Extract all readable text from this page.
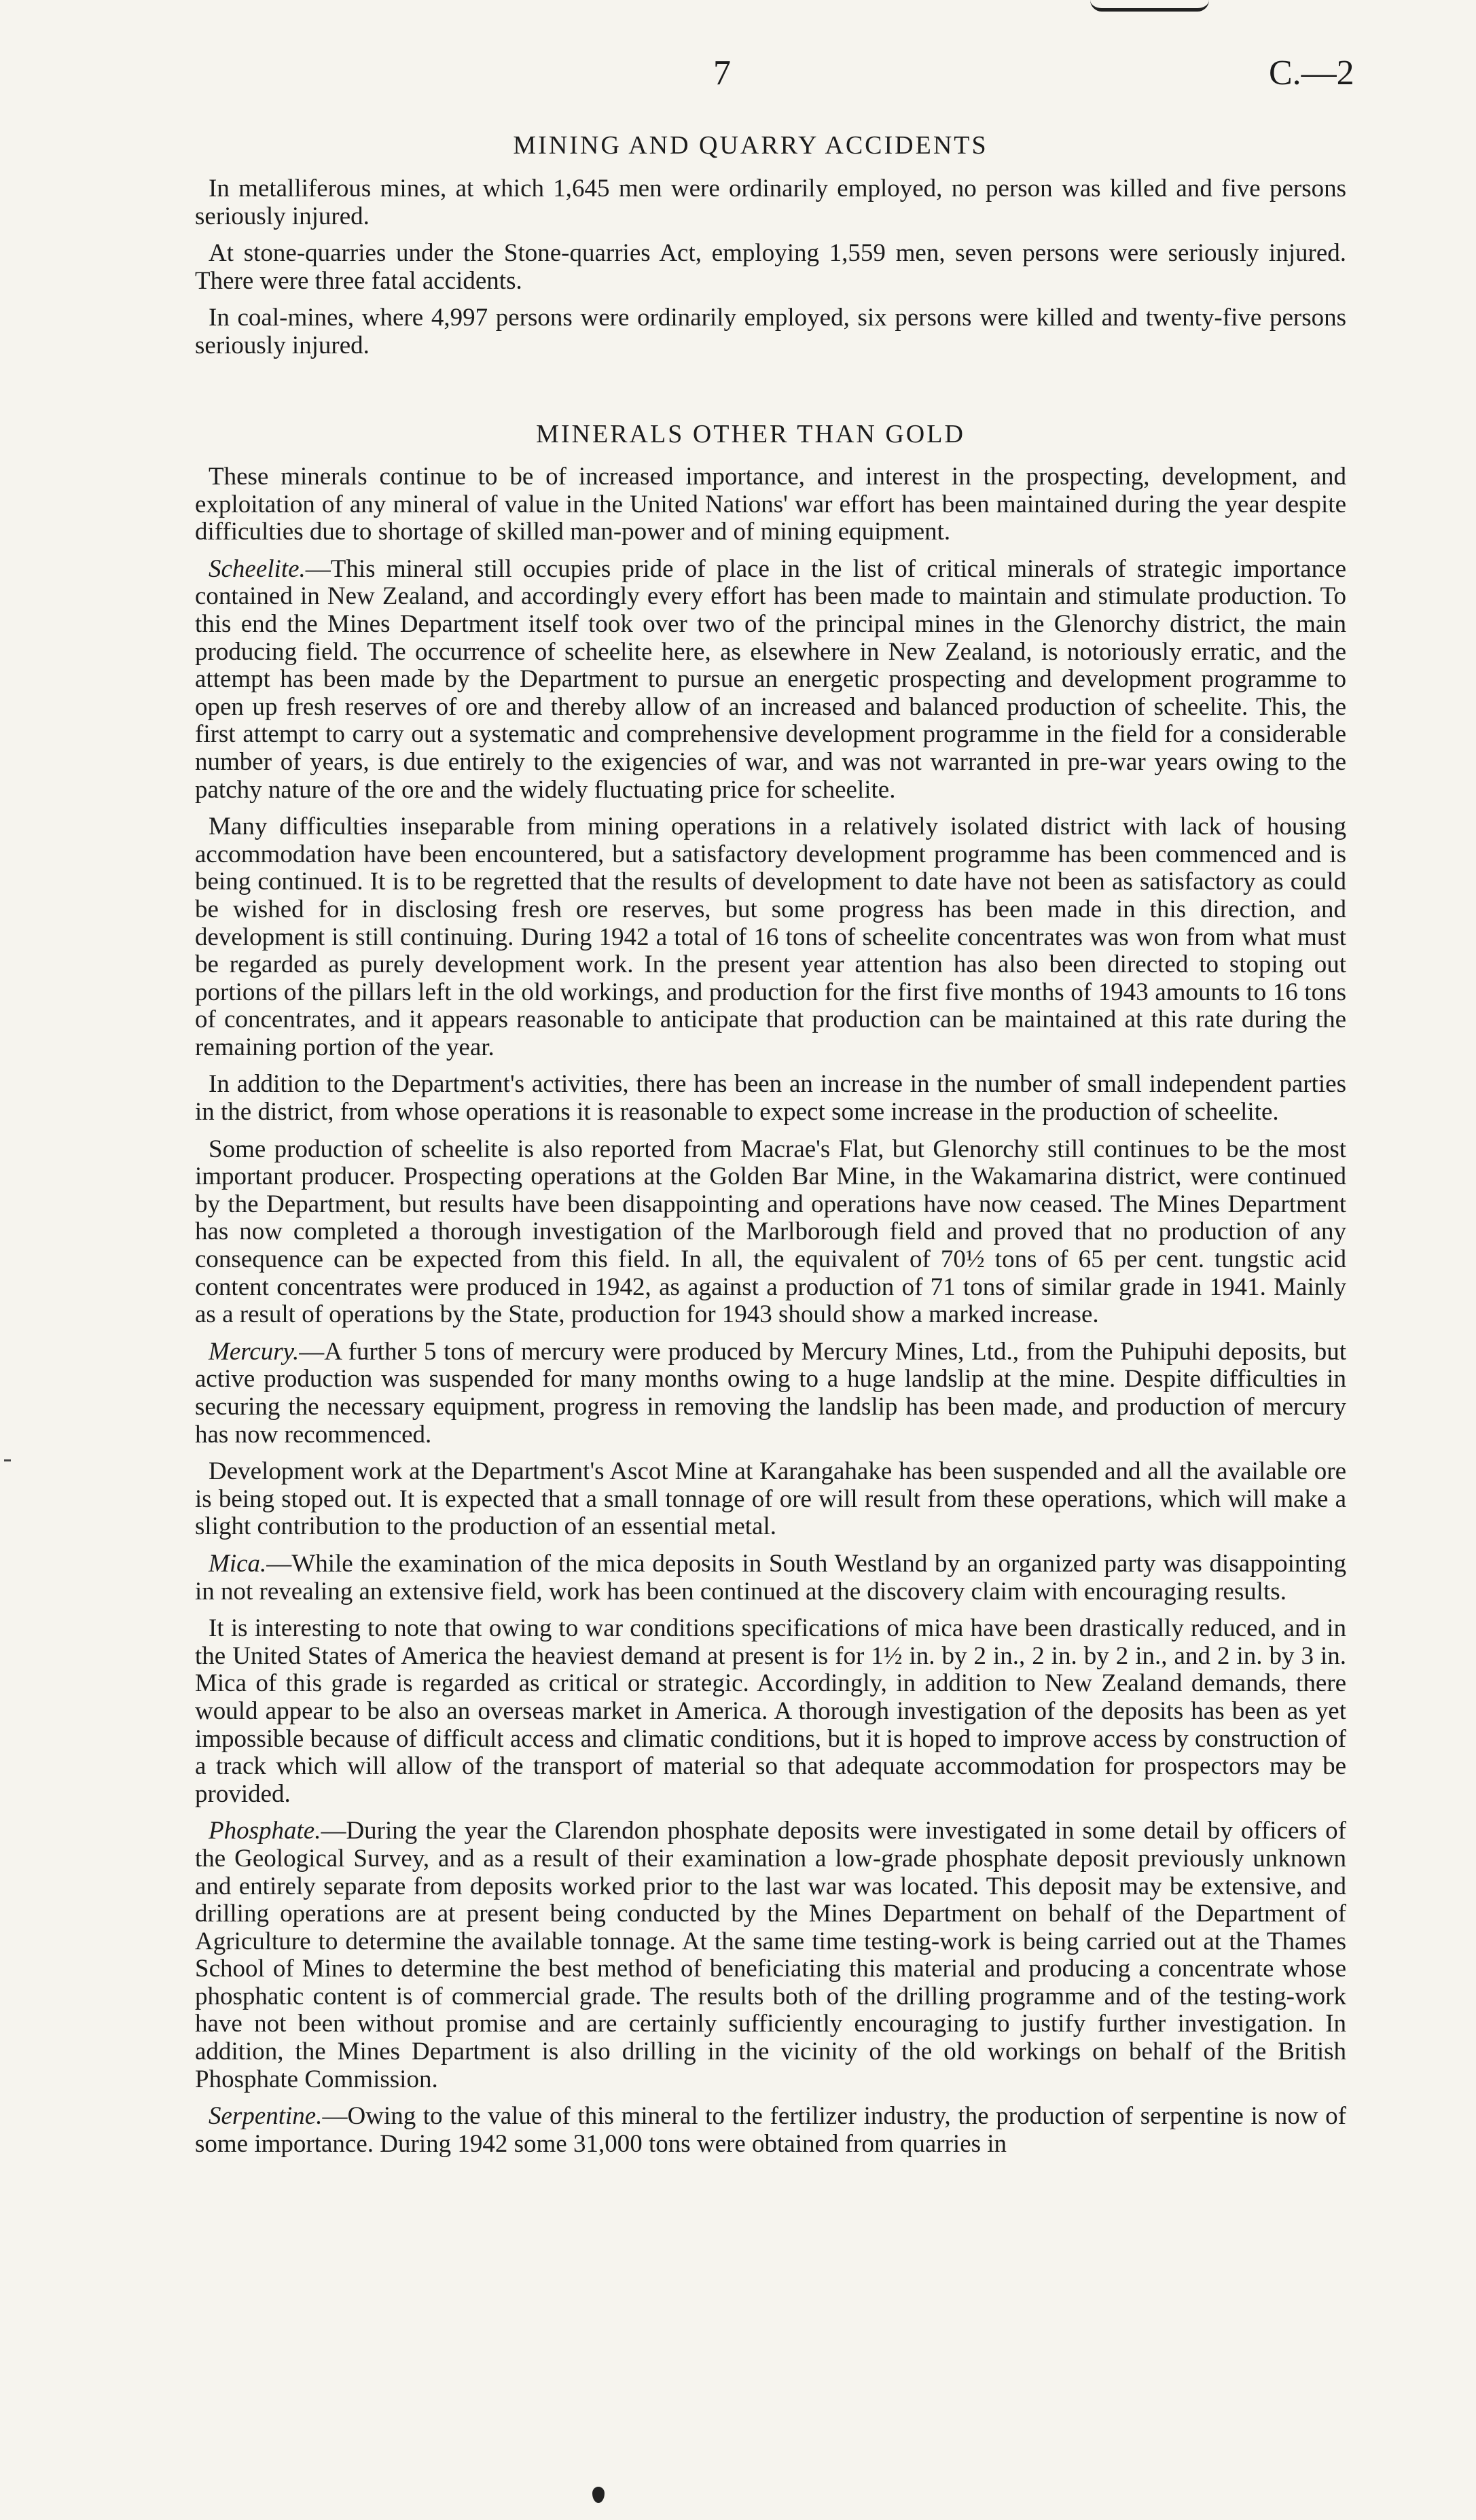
7	C.—2
MINING AND QUARRY ACCIDENTS

In metalliferous mines, at which 1,645 men were ordinarily employed, no person was killed and five persons seriously injured.

At stone-quarries under the Stone-quarries Act, employing 1,559 men, seven persons were seriously injured. There were three fatal accidents.

In coal-mines, where 4,997 persons were ordinarily employed, six persons were killed and twenty-five persons seriously injured.

MINERALS OTHER THAN GOLD

These minerals continue to be of increased importance, and interest in the prospecting, development, and exploitation of any mineral of value in the United Nations' war effort has been maintained during the year despite difficulties due to shortage of skilled man-power and of mining equipment.

Scheelite.—This mineral still occupies pride of place in the list of critical minerals of strategic importance contained in New Zealand, and accordingly every effort has been made to maintain and stimulate production. To this end the Mines Department itself took over two of the principal mines in the Glenorchy district, the main producing field. The occurrence of scheelite here, as elsewhere in New Zealand, is notoriously erratic, and the attempt has been made by the Department to pursue an energetic prospecting and development programme to open up fresh reserves of ore and thereby allow of an increased and balanced production of scheelite. This, the first attempt to carry out a systematic and comprehensive development programme in the field for a considerable number of years, is due entirely to the exigencies of war, and was not warranted in pre-war years owing to the patchy nature of the ore and the widely fluctuating price for scheelite.

Many difficulties inseparable from mining operations in a relatively isolated district with lack of housing accommodation have been encountered, but a satisfactory development programme has been commenced and is being continued. It is to be regretted that the results of development to date have not been as satisfactory as could be wished for in disclosing fresh ore reserves, but some progress has been made in this direction, and development is still continuing. During 1942 a total of 16 tons of scheelite concentrates was won from what must be regarded as purely development work. In the present year attention has also been directed to stoping out portions of the pillars left in the old workings, and production for the first five months of 1943 amounts to 16 tons of concentrates, and it appears reasonable to anticipate that production can be maintained at this rate during the remaining portion of the year.

In addition to the Department's activities, there has been an increase in the number of small independent parties in the district, from whose operations it is reasonable to expect some increase in the production of scheelite.

Some production of scheelite is also reported from Macrae's Flat, but Glenorchy still continues to be the most important producer. Prospecting operations at the Golden Bar Mine, in the Wakamarina district, were continued by the Department, but results have been disappointing and operations have now ceased. The Mines Department has now completed a thorough investigation of the Marlborough field and proved that no production of any consequence can be expected from this field. In all, the equivalent of 70½ tons of 65 per cent. tungstic acid content concentrates were produced in 1942, as against a production of 71 tons of similar grade in 1941. Mainly as a result of operations by the State, production for 1943 should show a marked increase.

Mercury.—A further 5 tons of mercury were produced by Mercury Mines, Ltd., from the Puhipuhi deposits, but active production was suspended for many months owing to a huge landslip at the mine. Despite difficulties in securing the necessary equipment, progress in removing the landslip has been made, and production of mercury has now recommenced.

Development work at the Department's Ascot Mine at Karangahake has been suspended and all the available ore is being stoped out. It is expected that a small tonnage of ore will result from these operations, which will make a slight contribution to the production of an essential metal.

Mica.—While the examination of the mica deposits in South Westland by an organized party was disappointing in not revealing an extensive field, work has been continued at the discovery claim with encouraging results.

It is interesting to note that owing to war conditions specifications of mica have been drastically reduced, and in the United States of America the heaviest demand at present is for 1½ in. by 2 in., 2 in. by 2 in., and 2 in. by 3 in. Mica of this grade is regarded as critical or strategic. Accordingly, in addition to New Zealand demands, there would appear to be also an overseas market in America. A thorough investigation of the deposits has been as yet impossible because of difficult access and climatic conditions, but it is hoped to improve access by construction of a track which will allow of the transport of material so that adequate accommodation for prospectors may be provided.

Phosphate.—During the year the Clarendon phosphate deposits were investigated in some detail by officers of the Geological Survey, and as a result of their examination a low-grade phosphate deposit previously unknown and entirely separate from deposits worked prior to the last war was located. This deposit may be extensive, and drilling operations are at present being conducted by the Mines Department on behalf of the Department of Agriculture to determine the available tonnage. At the same time testing-work is being carried out at the Thames School of Mines to determine the best method of beneficiating this material and producing a concentrate whose phosphatic content is of commercial grade. The results both of the drilling programme and of the testing-work have not been without promise and are certainly sufficiently encouraging to justify further investigation. In addition, the Mines Department is also drilling in the vicinity of the old workings on behalf of the British Phosphate Commission.

Serpentine.—Owing to the value of this mineral to the fertilizer industry, the production of serpentine is now of some importance. During 1942 some 31,000 tons were obtained from quarries in
